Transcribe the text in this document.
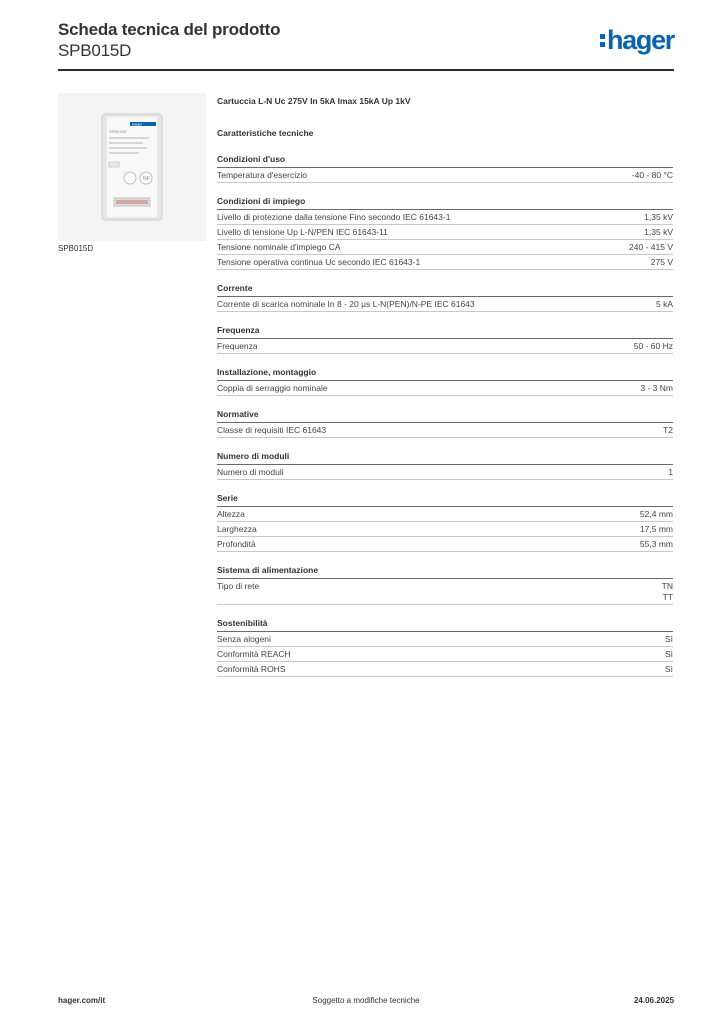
Scheda tecnica del prodotto
SPB015D	hager
hager
SPB015D
NF
SPB015D
Cartuccia L-N Uc 275V In 5kA Imax 15kA Up 1kV
Caratteristiche tecniche
Condizioni d'uso
Temperatura d'esercizio	-40 - 80 °C
Condizioni di impiego
Livello di protezione dalla tensione Fino secondo IEC 61643-1	1,35 kV
Livello di tensione Up L-N/PEN IEC 61643-11	1,35 kV
Tensione nominale d'impiego CA	240 - 415 V
Tensione operativa continua Uc secondo IEC 61643-1	275 V
Corrente
Corrente di scarica nominale In 8 - 20 µs L-N(PEN)/N-PE IEC 61643	5 kA
Frequenza
Frequenza	50 - 60 Hz
Installazione, montaggio
Coppia di serraggio nominale	3 - 3 Nm
Normative
Classe di requisiti IEC 61643	T2
Numero di moduli
Numero di moduli	1
Serie
Altezza	52,4 mm
Larghezza	17,5 mm
Profondità	55,3 mm
Sistema di alimentazione
Tipo di rete	TN
TT
Sostenibilità
Senza alogeni	Sì
Conformità REACH	Sì
Conformità ROHS	Sì
hager.com/it	Soggetto a modifiche tecniche	24.06.2025
